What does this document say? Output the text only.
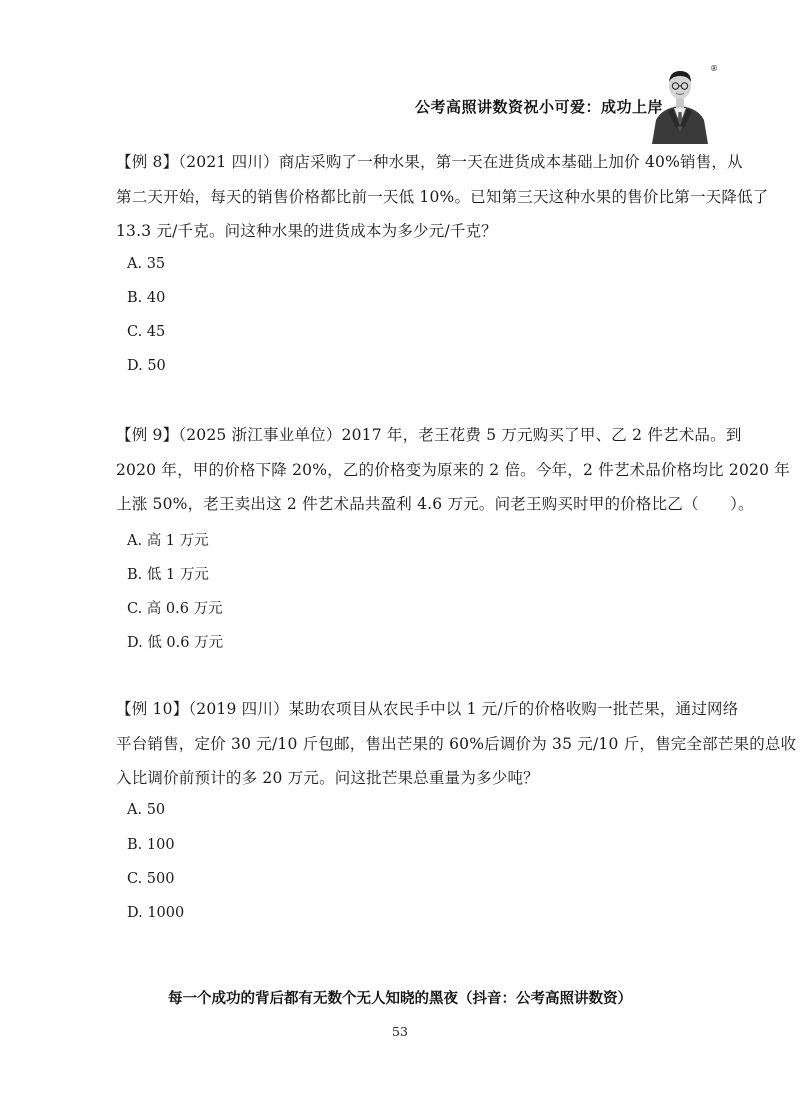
公考高照讲数资祝小可爱：成功上岸
®

【例 8】（2021 四川）商店采购了一种水果，第一天在进货成本基础上加价 40%销售，从
第二天开始，每天的销售价格都比前一天低 10%。已知第三天这种水果的售价比第一天降低了
13.3 元/千克。问这种水果的进货成本为多少元/千克？

A. 35
B. 40
C. 45
D. 50

【例 9】（2025 浙江事业单位）2017 年，老王花费 5 万元购买了甲、乙 2 件艺术品。到
2020 年，甲的价格下降 20%，乙的价格变为原来的 2 倍。今年，2 件艺术品价格均比 2020 年
上涨 50%，老王卖出这 2 件艺术品共盈利 4.6 万元。问老王购买时甲的价格比乙（　　）。

A. 高 1 万元
B. 低 1 万元
C. 高 0.6 万元
D. 低 0.6 万元

【例 10】（2019 四川）某助农项目从农民手中以 1 元/斤的价格收购一批芒果，通过网络
平台销售，定价 30 元/10 斤包邮，售出芒果的 60%后调价为 35 元/10 斤，售完全部芒果的总收
入比调价前预计的多 20 万元。问这批芒果总重量为多少吨？

A. 50
B. 100
C. 500
D. 1000
每一个成功的背后都有无数个无人知晓的黑夜（抖音：公考高照讲数资）
53
